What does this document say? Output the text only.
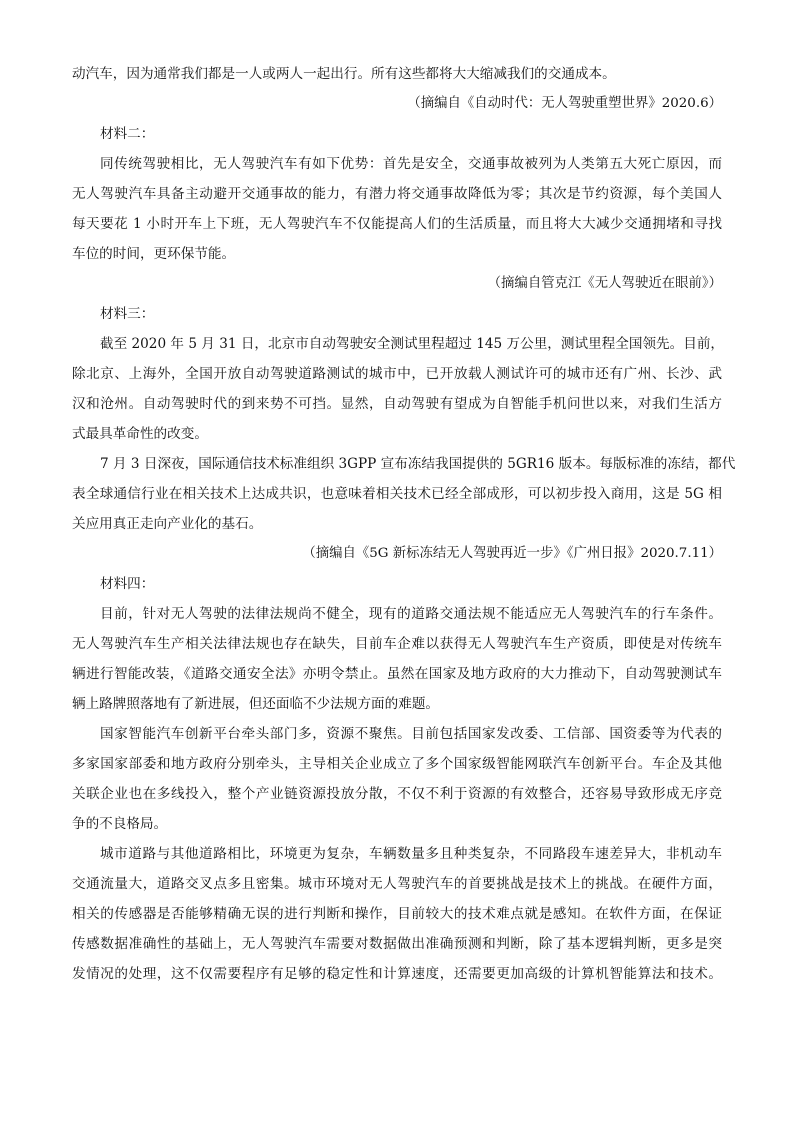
动汽车，因为通常我们都是一人或两人一起出行。所有这些都将大大缩减我们的交通成本。
（摘编自《自动时代：无人驾驶重塑世界》2020.6）
材料二：
同传统驾驶相比，无人驾驶汽车有如下优势：首先是安全，交通事故被列为人类第五大死亡原因，而
无人驾驶汽车具备主动避开交通事故的能力，有潜力将交通事故降低为零；其次是节约资源，每个美国人
每天要花 1 小时开车上下班，无人驾驶汽车不仅能提高人们的生活质量，而且将大大减少交通拥堵和寻找
车位的时间，更环保节能。
（摘编自管克江《无人驾驶近在眼前》）
材料三：
截至 2020 年 5 月 31 日，北京市自动驾驶安全测试里程超过 145 万公里，测试里程全国领先。目前，
除北京、上海外，全国开放自动驾驶道路测试的城市中，已开放载人测试许可的城市还有广州、长沙、武
汉和沧州。自动驾驶时代的到来势不可挡。显然，自动驾驶有望成为自智能手机问世以来，对我们生活方
式最具革命性的改变。
7 月 3 日深夜，国际通信技术标准组织 3GPP 宣布冻结我国提供的 5GR16 版本。每版标准的冻结，都代
表全球通信行业在相关技术上达成共识，也意味着相关技术已经全部成形，可以初步投入商用，这是 5G 相
关应用真正走向产业化的基石。
（摘编自《5G 新标冻结无人驾驶再近一步》《广州日报》2020.7.11）
材料四：
目前，针对无人驾驶的法律法规尚不健全，现有的道路交通法规不能适应无人驾驶汽车的行车条件。
无人驾驶汽车生产相关法律法规也存在缺失，目前车企难以获得无人驾驶汽车生产资质，即使是对传统车
辆进行智能改装，《道路交通安全法》亦明令禁止。虽然在国家及地方政府的大力推动下，自动驾驶测试车
辆上路牌照落地有了新进展，但还面临不少法规方面的难题。
国家智能汽车创新平台牵头部门多，资源不聚焦。目前包括国家发改委、工信部、国资委等为代表的
多家国家部委和地方政府分别牵头，主导相关企业成立了多个国家级智能网联汽车创新平台。车企及其他
关联企业也在多线投入，整个产业链资源投放分散，不仅不利于资源的有效整合，还容易导致形成无序竞
争的不良格局。
城市道路与其他道路相比，环境更为复杂，车辆数量多且种类复杂，不同路段车速差异大，非机动车
交通流量大，道路交叉点多且密集。城市环境对无人驾驶汽车的首要挑战是技术上的挑战。在硬件方面，
相关的传感器是否能够精确无误的进行判断和操作，目前较大的技术难点就是感知。在软件方面，在保证
传感数据准确性的基础上，无人驾驶汽车需要对数据做出准确预测和判断，除了基本逻辑判断，更多是突
发情况的处理，这不仅需要程序有足够的稳定性和计算速度，还需要更加高级的计算机智能算法和技术。
